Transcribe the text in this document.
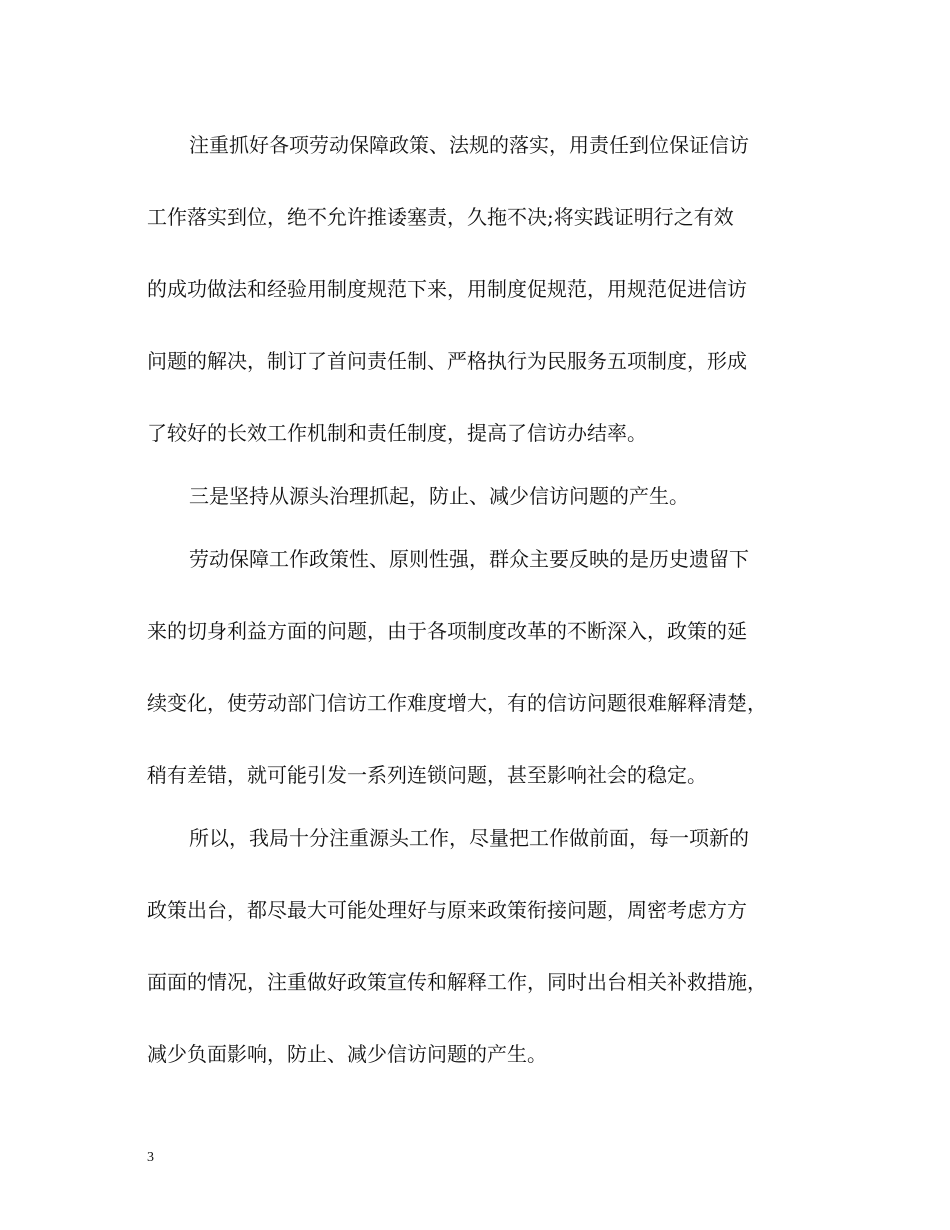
注重抓好各项劳动保障政策、法规的落实，用责任到位保证信访
工作落实到位，绝不允许推诿塞责，久拖不决;将实践证明行之有效
的成功做法和经验用制度规范下来，用制度促规范，用规范促进信访
问题的解决，制订了首问责任制、严格执行为民服务五项制度，形成
了较好的长效工作机制和责任制度，提高了信访办结率。
三是坚持从源头治理抓起，防止、减少信访问题的产生。
劳动保障工作政策性、原则性强，群众主要反映的是历史遗留下
来的切身利益方面的问题，由于各项制度改革的不断深入，政策的延
续变化，使劳动部门信访工作难度增大，有的信访问题很难解释清楚，
稍有差错，就可能引发一系列连锁问题，甚至影响社会的稳定。
所以，我局十分注重源头工作，尽量把工作做前面，每一项新的
政策出台，都尽最大可能处理好与原来政策衔接问题，周密考虑方方
面面的情况，注重做好政策宣传和解释工作，同时出台相关补救措施，
减少负面影响，防止、减少信访问题的产生。
3
